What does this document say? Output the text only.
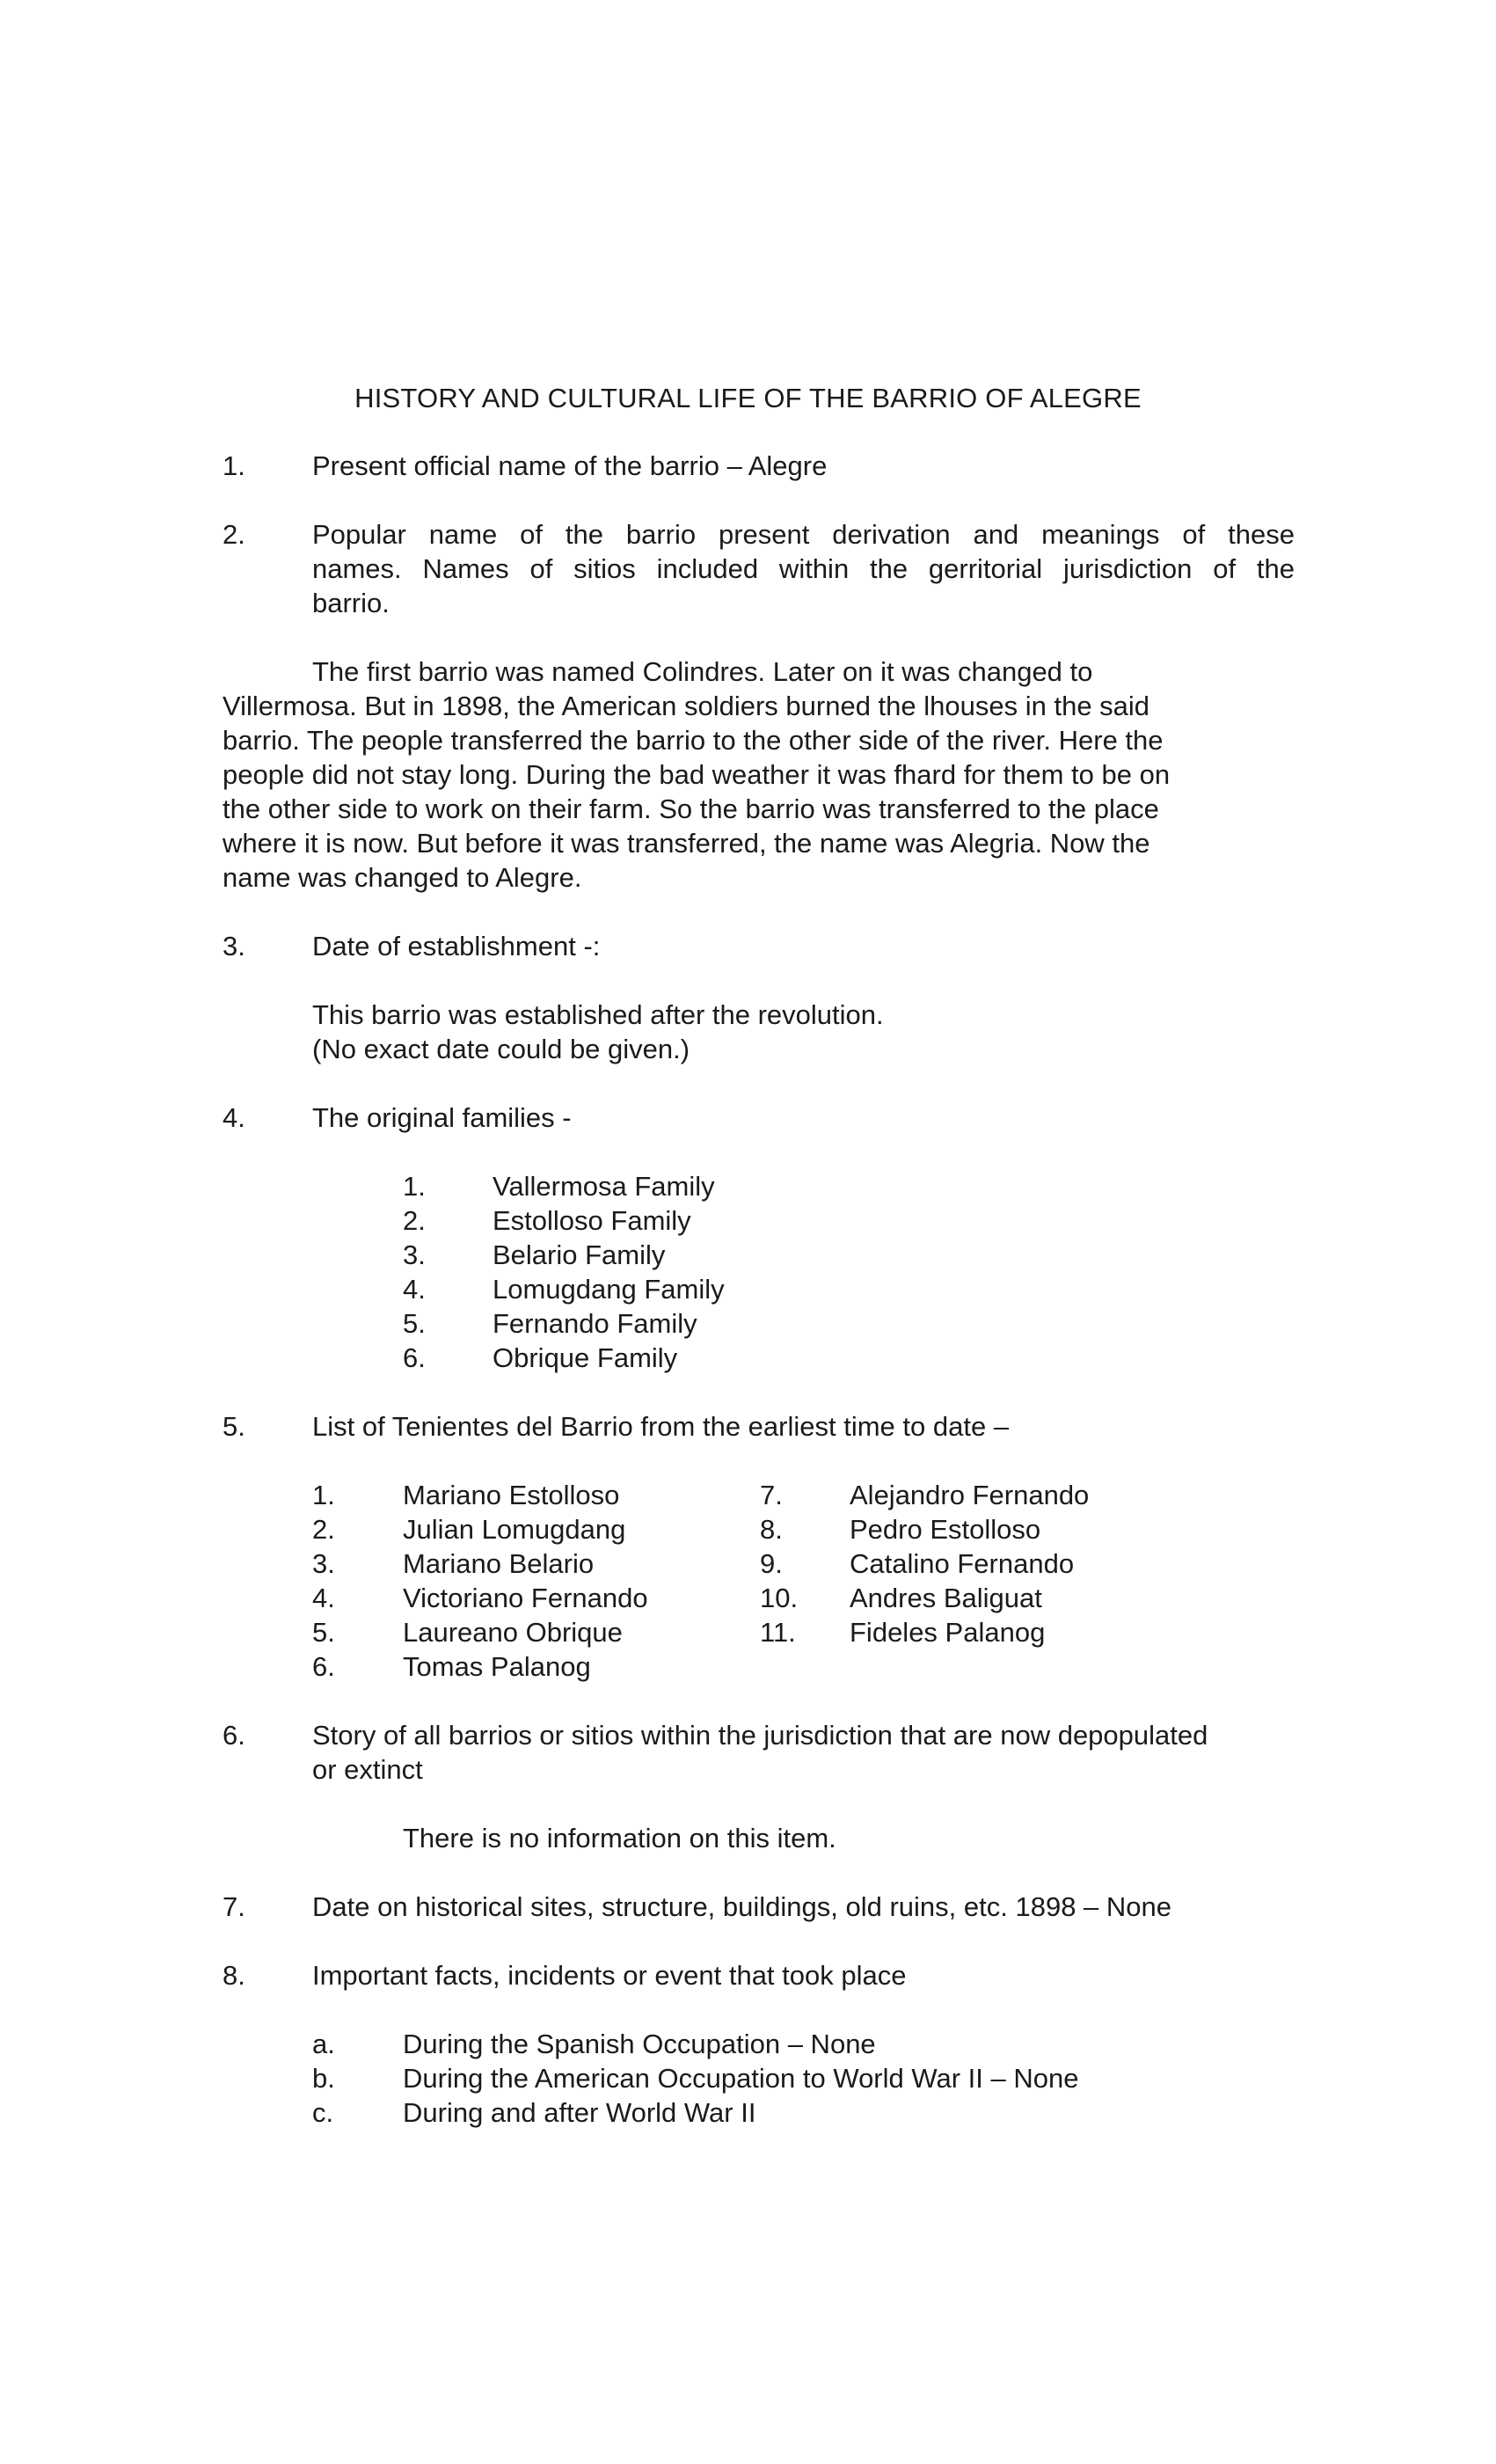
HISTORY AND CULTURAL LIFE OF THE BARRIO OF ALEGRE
1. Present official name of the barrio – Alegre
2. Popular name of the barrio present derivation and meanings of these
names. Names of sitios included within the gerritorial jurisdiction of the
barrio.
The first barrio was named Colindres. Later on it was changed to
Villermosa. But in 1898, the American soldiers burned the lhouses in the said
barrio. The people transferred the barrio to the other side of the river. Here the
people did not stay long. During the bad weather it was fhard for them to be on
the other side to work on their farm. So the barrio was transferred to the place
where it is now. But before it was transferred, the name was Alegria. Now the
name was changed to Alegre.
3. Date of establishment -:
This barrio was established after the revolution.
(No exact date could be given.)
4. The original families -
1. Vallermosa Family
2. Estolloso Family
3. Belario Family
4. Lomugdang Family
5. Fernando Family
6. Obrique Family
5. List of Tenientes del Barrio from the earliest time to date –
1. Mariano Estolloso
2. Julian Lomugdang
3. Mariano Belario
4. Victoriano Fernando
5. Laureano Obrique
6. Tomas Palanog
7. Alejandro Fernando
8. Pedro Estolloso
9. Catalino Fernando
10. Andres Baliguat
11. Fideles Palanog
6. Story of all barrios or sitios within the jurisdiction that are now depopulated
or extinct
There is no information on this item.
7. Date on historical sites, structure, buildings, old ruins, etc. 1898 – None
8. Important facts, incidents or event that took place
a. During the Spanish Occupation – None
b. During the American Occupation to World War II – None
c.	During and after World War II
